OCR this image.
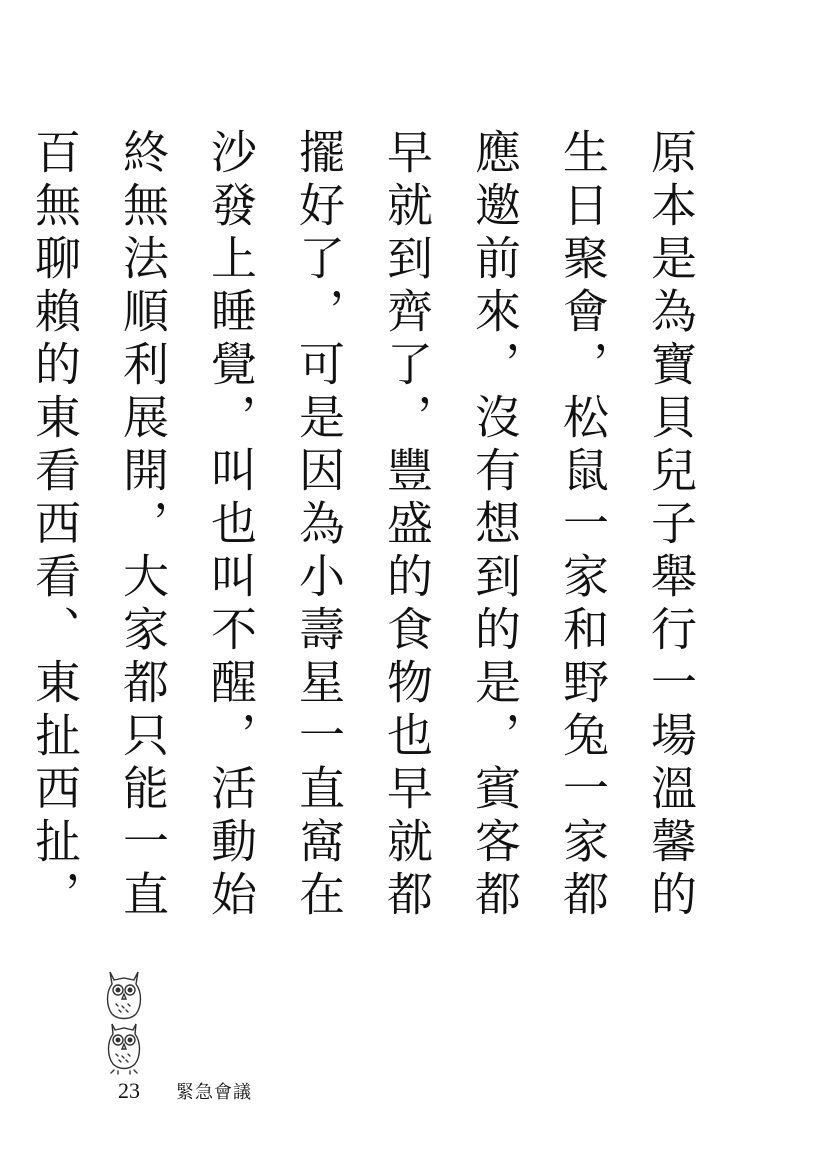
原本是為寶貝兒子舉行一場溫馨的生日聚會，松鼠一家和野兔一家都應邀前來，沒有想到的是，賓客都早就到齊了，豐盛的食物也早就都擺好了，可是因為小壽星一直窩在沙發上睡覺，叫也叫不醒，活動始終無法順利展開，大家都只能一直百無聊賴的東看西看、東扯西扯，
23 緊急會議
